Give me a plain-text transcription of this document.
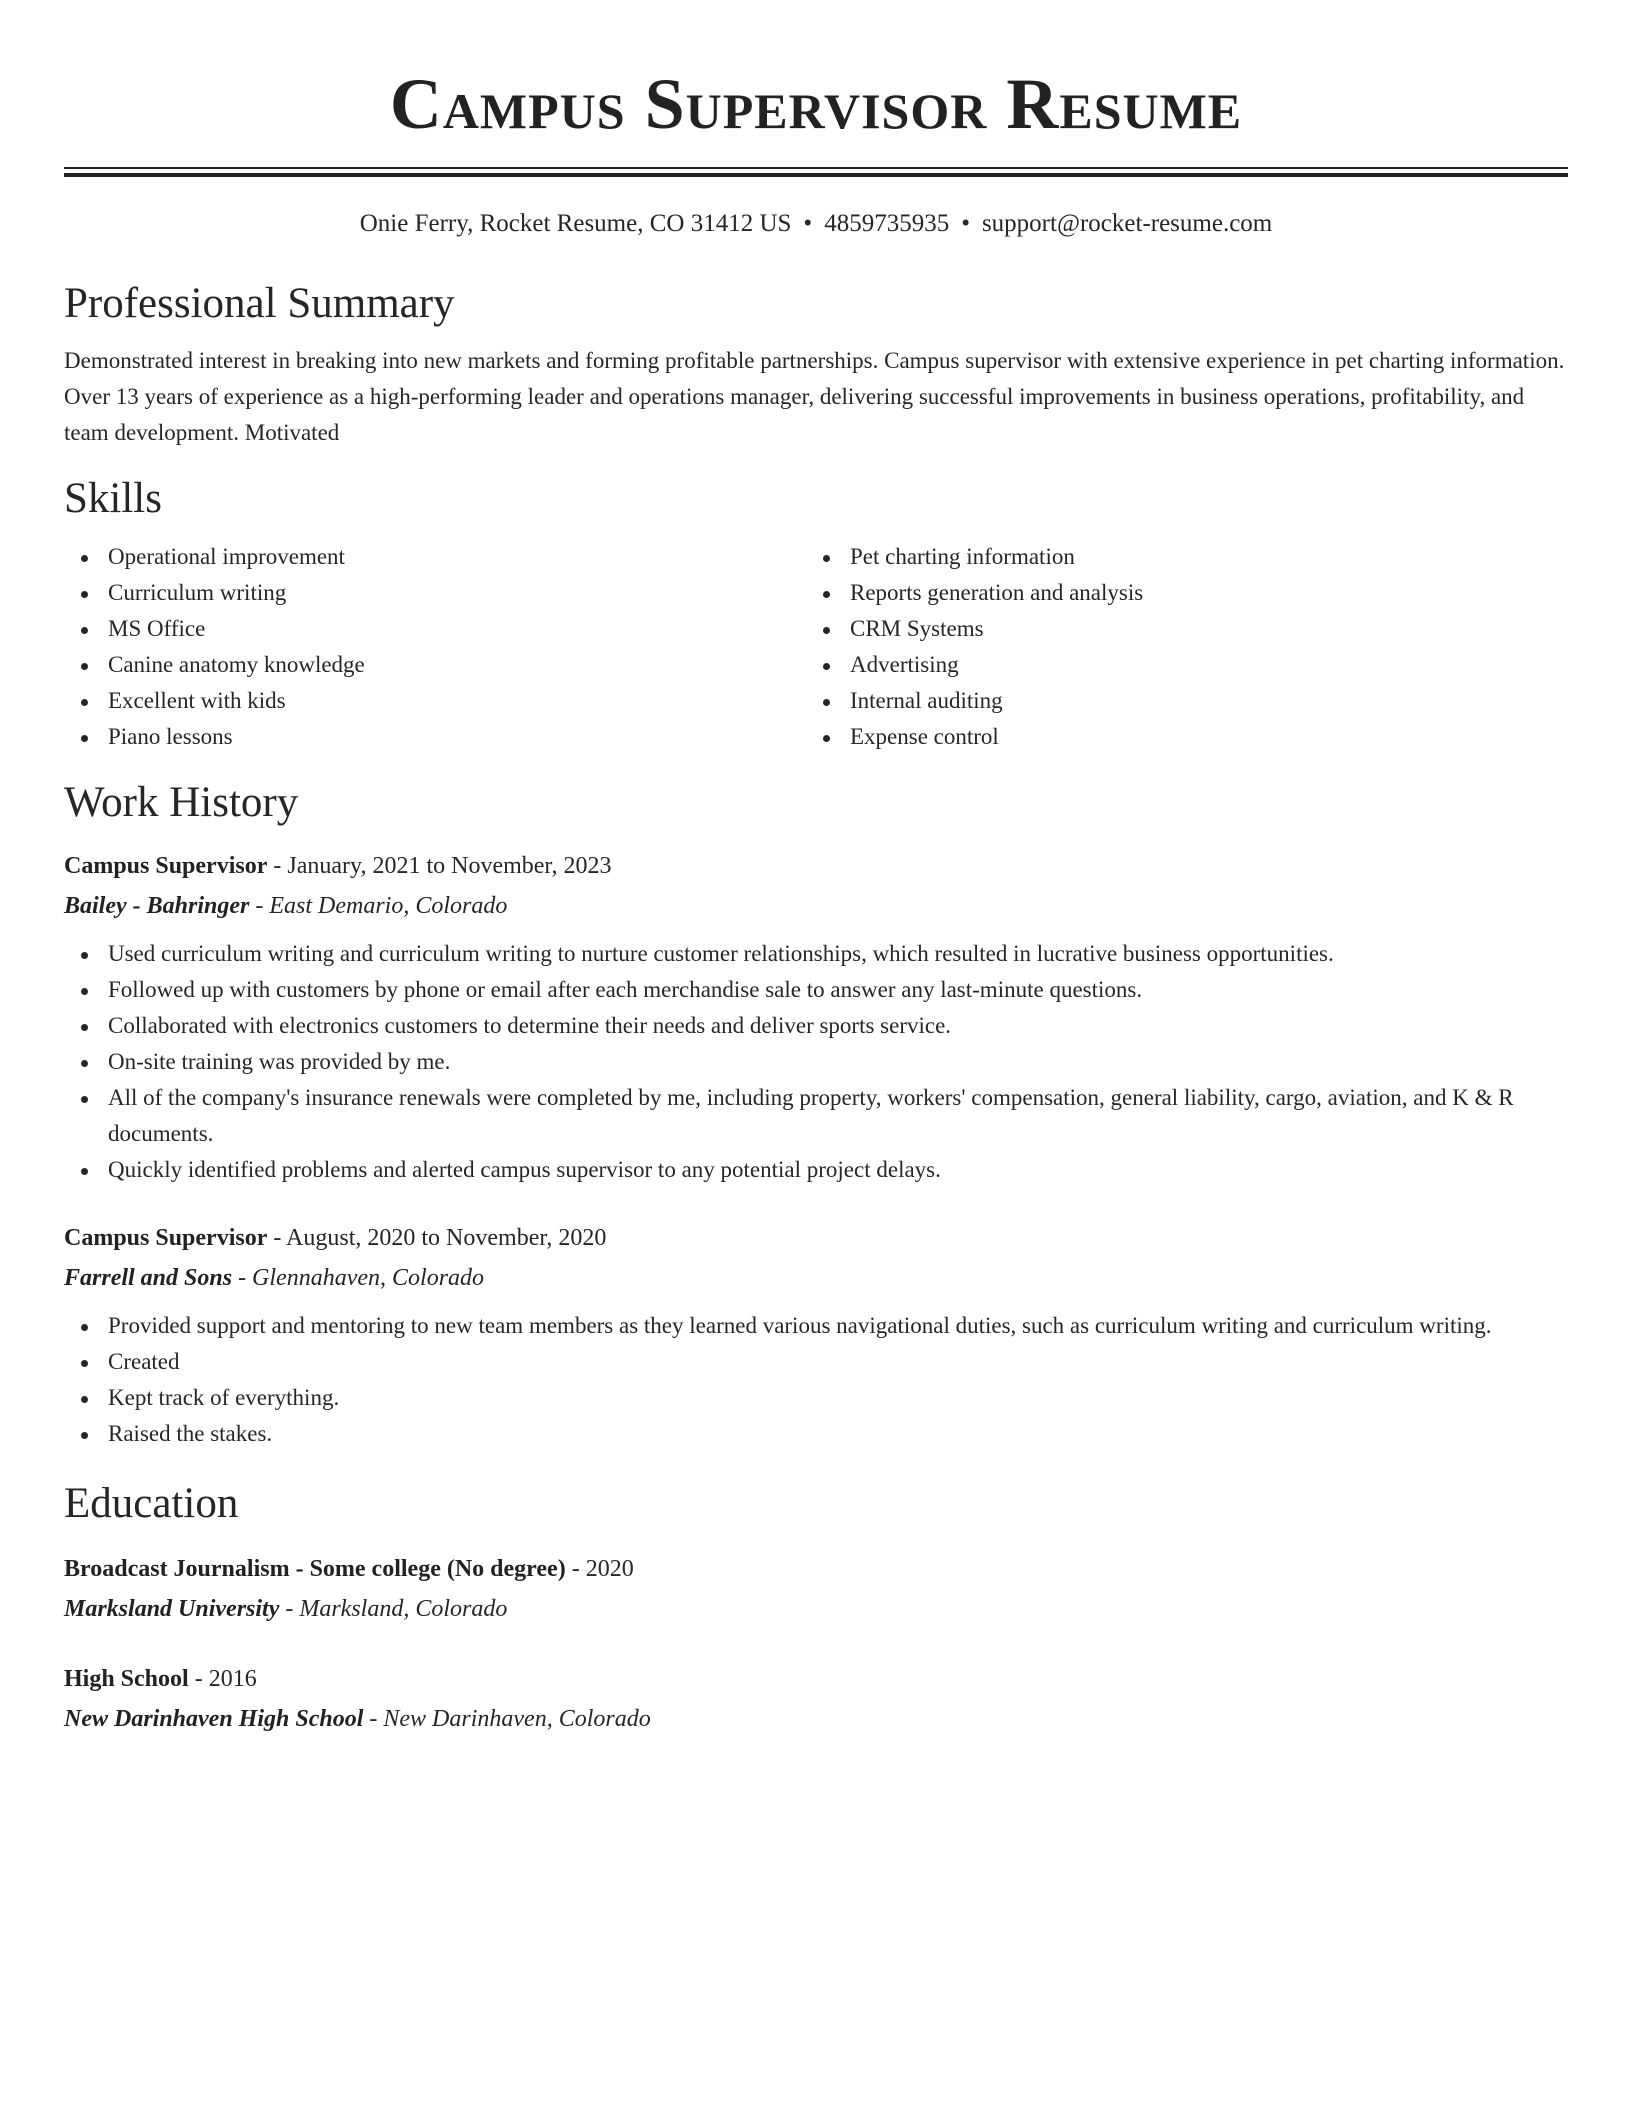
Campus Supervisor Resume
Onie Ferry, Rocket Resume, CO 31412 US • 4859735935 • support@rocket-resume.com
Professional Summary
Demonstrated interest in breaking into new markets and forming profitable partnerships. Campus supervisor with extensive experience in pet charting information. Over 13 years of experience as a high-performing leader and operations manager, delivering successful improvements in business operations, profitability, and team development. Motivated
Skills
Operational improvement
Curriculum writing
MS Office
Canine anatomy knowledge
Excellent with kids
Piano lessons
Pet charting information
Reports generation and analysis
CRM Systems
Advertising
Internal auditing
Expense control
Work History
Campus Supervisor - January, 2021 to November, 2023
Bailey - Bahringer - East Demario, Colorado
Used curriculum writing and curriculum writing to nurture customer relationships, which resulted in lucrative business opportunities.
Followed up with customers by phone or email after each merchandise sale to answer any last-minute questions.
Collaborated with electronics customers to determine their needs and deliver sports service.
On-site training was provided by me.
All of the company's insurance renewals were completed by me, including property, workers' compensation, general liability, cargo, aviation, and K & R documents.
Quickly identified problems and alerted campus supervisor to any potential project delays.
Campus Supervisor - August, 2020 to November, 2020
Farrell and Sons - Glennahaven, Colorado
Provided support and mentoring to new team members as they learned various navigational duties, such as curriculum writing and curriculum writing.
Created
Kept track of everything.
Raised the stakes.
Education
Broadcast Journalism - Some college (No degree) - 2020
Marksland University - Marksland, Colorado
High School - 2016
New Darinhaven High School - New Darinhaven, Colorado
